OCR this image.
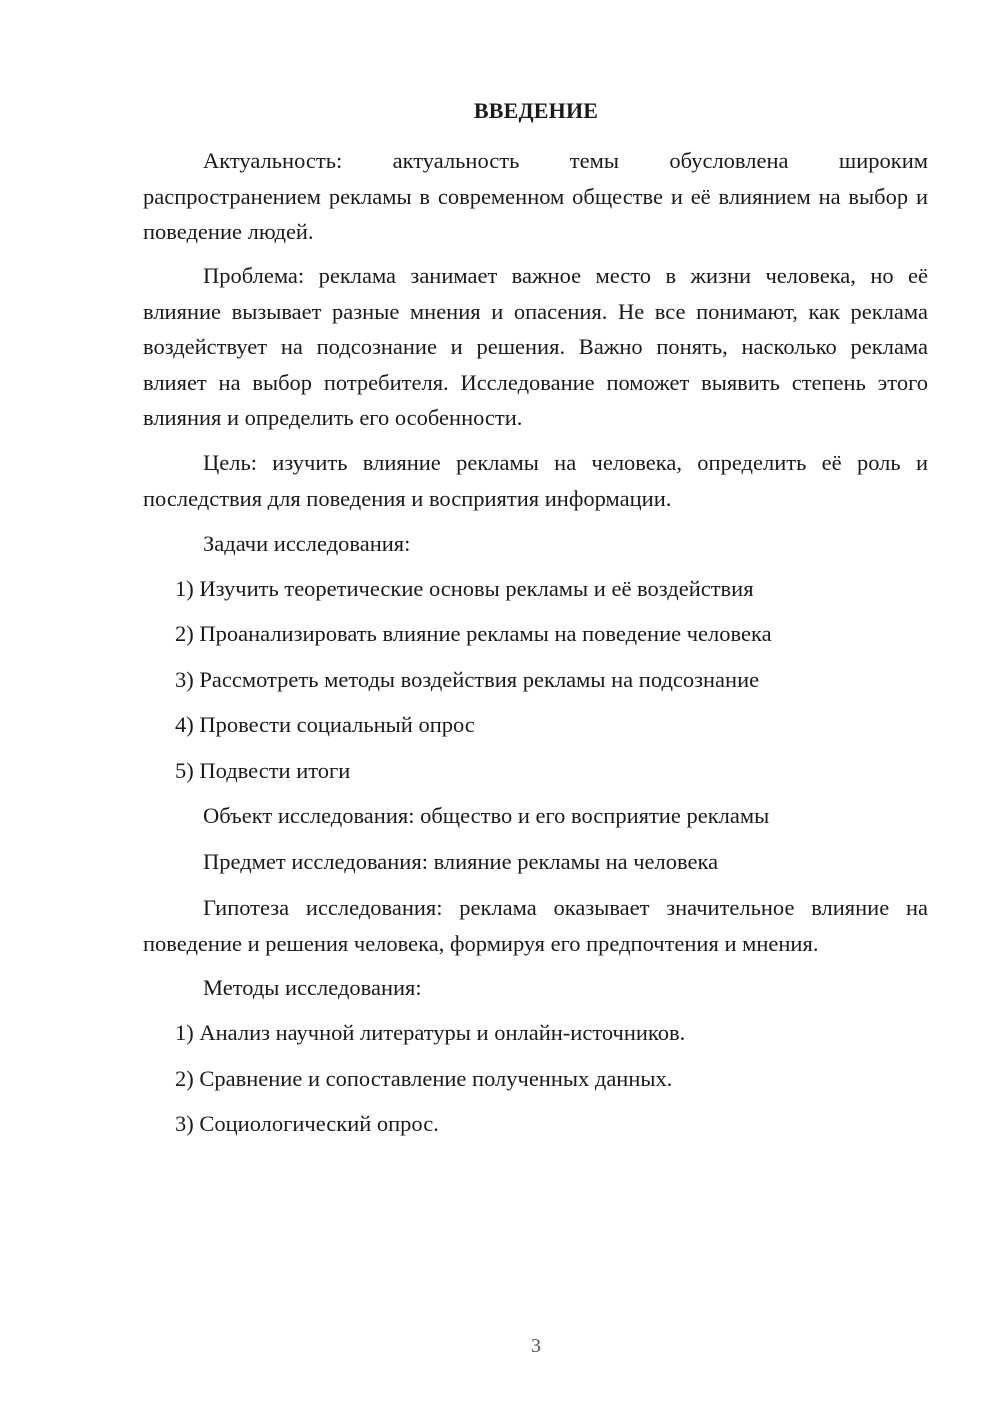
ВВЕДЕНИЕ

Актуальность: актуальность темы обусловлена широким распространением рекламы в современном обществе и её влиянием на выбор и поведение людей.

Проблема: реклама занимает важное место в жизни человека, но её влияние вызывает разные мнения и опасения. Не все понимают, как реклама воздействует на подсознание и решения. Важно понять, насколько реклама влияет на выбор потребителя. Исследование поможет выявить степень этого влияния и определить его особенности.

Цель: изучить влияние рекламы на человека, определить её роль и последствия для поведения и восприятия информации.

Задачи исследования:
1) Изучить теоретические основы рекламы и её воздействия
2) Проанализировать влияние рекламы на поведение человека
3) Рассмотреть методы воздействия рекламы на подсознание
4) Провести социальный опрос
5) Подвести итоги
Объект исследования: общество и его восприятие рекламы
Предмет исследования: влияние рекламы на человека

Гипотеза исследования: реклама оказывает значительное влияние на поведение и решения человека, формируя его предпочтения и мнения.

Методы исследования:
1) Анализ научной литературы и онлайн-источников.
2) Сравнение и сопоставление полученных данных.
3) Социологический опрос.
3
